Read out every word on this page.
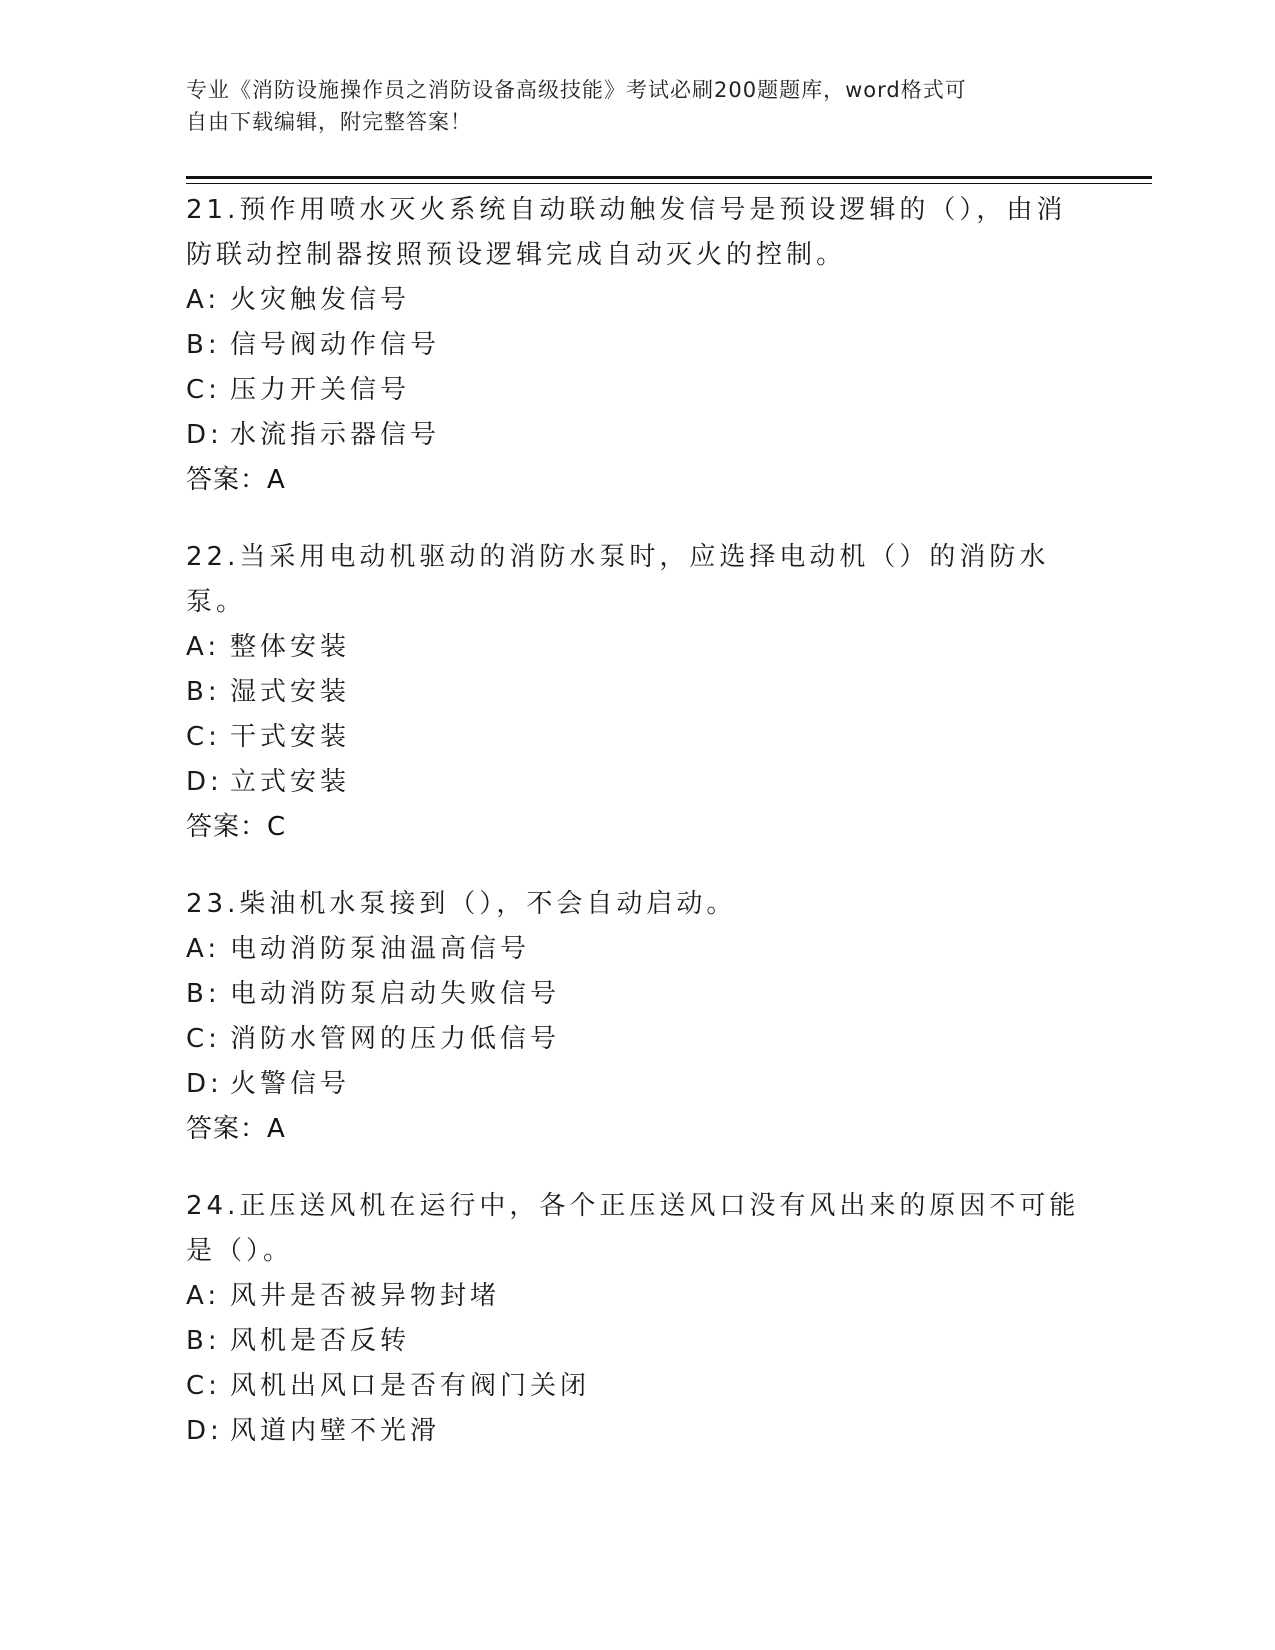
专业《消防设施操作员之消防设备高级技能》考试必刷200题题库，word格式可
自由下载编辑，附完整答案！
21.预作用喷水灭火系统自动联动触发信号是预设逻辑的（），由消防联动控制器按照预设逻辑完成自动灭火的控制。
A: 火灾触发信号
B: 信号阀动作信号
C: 压力开关信号
D: 水流指示器信号
答案：A
22.当采用电动机驱动的消防水泵时，应选择电动机（）的消防水泵。
A: 整体安装
B: 湿式安装
C: 干式安装
D: 立式安装
答案：C
23.柴油机水泵接到（），不会自动启动。
A: 电动消防泵油温高信号
B: 电动消防泵启动失败信号
C: 消防水管网的压力低信号
D: 火警信号
答案：A
24.正压送风机在运行中，各个正压送风口没有风出来的原因不可能是（）。
A: 风井是否被异物封堵
B: 风机是否反转
C: 风机出风口是否有阀门关闭
D: 风道内壁不光滑
